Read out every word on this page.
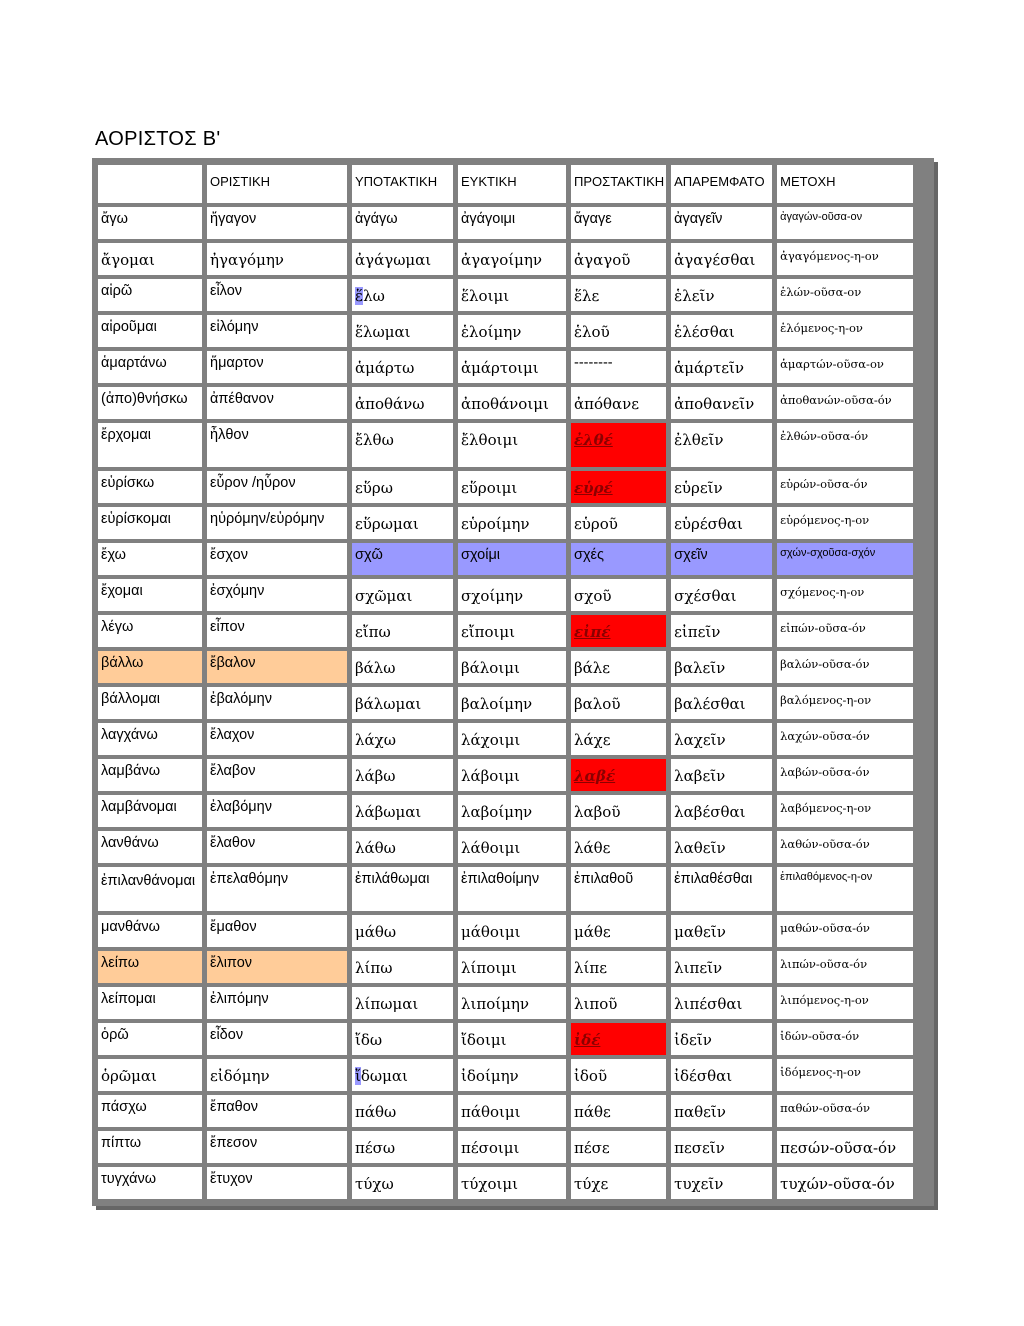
ΑΟΡΙΣΤΟΣ Β'
	ΟΡΙΣΤΙΚΗ	ΥΠΟΤΑΚΤΙΚΗ	ΕΥΚΤΙΚΗ	ΠΡΟΣΤΑΚΤΙΚΗ	ΑΠΑΡΕΜΦΑΤΟ	ΜΕΤΟΧΗ
ἄγω	ἤγαγον	ἀγάγω	ἀγάγοιμι	ἄγαγε	ἀγαγεῖν	ἀγαγών-οῦσα-ον
ἄγομαι	ἠγαγόμην	ἀγάγωμαι	ἀγαγοίμην	ἀγαγοῦ	ἀγαγέσθαι	ἀγαγόμενος-η-ον
αἱρῶ	εἷλον	ἕλω	ἕλοιμι	ἕλε	ἑλεῖν	ἑλών-οῦσα-ον
αἱροῦμαι	εἱλόμην	ἕλωμαι	ἑλοίμην	ἑλοῦ	ἑλέσθαι	ἑλόμενος-η-ον
ἁμαρτάνω	ἥμαρτον	ἁμάρτω	ἁμάρτοιμι	--------	ἁμάρτεῖν	ἁμαρτών-οῦσα-ον
(ἀπο)θνήσκω	ἀπέθανον	ἀποθάνω	ἀποθάνοιμι	ἀπόθανε	ἀποθανεῖν	ἀποθανών-οῦσα-όν
ἔρχομαι	ἦλθον	ἔλθω	ἔλθοιμι	ἐλθέ	ἐλθεῖν	ἐλθών-οῦσα-όν
εὑρίσκω	εὗρον /ηὗρον	εὕρω	εὕροιμι	εὑρέ	εὑρεῖν	εὑρών-οῦσα-όν
εὑρίσκομαι	ηὑρόμην/εὑρόμην	εὕρωμαι	εὑροίμην	εὑροῦ	εὑρέσθαι	εὑρόμενος-η-ον
ἔχω	ἔσχον	σχῶ	σχοίμι	σχές	σχεῖν	σχών-σχοῦσα-σχόν
ἔχομαι	ἐσχόμην	σχῶμαι	σχοίμην	σχοῦ	σχέσθαι	σχόμενος-η-ον
λέγω	εἶπον	εἴπω	εἴποιμι	εἰπέ	εἰπεῖν	εἰπών-οῦσα-όν
βάλλω	ἔβαλον	βάλω	βάλοιμι	βάλε	βαλεῖν	βαλών-οῦσα-όν
βάλλομαι	ἐβαλόμην	βάλωμαι	βαλοίμην	βαλοῦ	βαλέσθαι	βαλόμενος-η-ον
λαγχάνω	ἔλαχον	λάχω	λάχοιμι	λάχε	λαχεῖν	λαχών-οῦσα-όν
λαμβάνω	ἔλαβον	λάβω	λάβοιμι	λαβέ	λαβεῖν	λαβών-οῦσα-όν
λαμβάνομαι	ἐλαβόμην	λάβωμαι	λαβοίμην	λαβοῦ	λαβέσθαι	λαβόμενος-η-ον
λανθάνω	ἔλαθον	λάθω	λάθοιμι	λάθε	λαθεῖν	λαθών-οῦσα-όν
ἐπιλανθάνομαι	ἐπελαθόμην	ἐπιλάθωμαι	ἐπιλαθοίμην	ἐπιλαθοῦ	ἐπιλαθέσθαι	ἐπιλαθόμενος-η-ον
μανθάνω	ἔμαθον	μάθω	μάθοιμι	μάθε	μαθεῖν	μαθών-οῦσα-όν
λείπω	ἔλιπον	λίπω	λίποιμι	λίπε	λιπεῖν	λιπών-οῦσα-όν
λείπομαι	ἐλιπόμην	λίπωμαι	λιποίμην	λιποῦ	λιπέσθαι	λιπόμενος-η-ον
ὁρῶ	εἶδον	ἴδω	ἴδοιμι	ἰδέ	ἰδεῖν	ἰδών-οῦσα-όν
ὁρῶμαι	εἰδόμην	ἴδωμαι	ἰδοίμην	ἰδοῦ	ἰδέσθαι	ἰδόμενος-η-ον
πάσχω	ἔπαθον	πάθω	πάθοιμι	πάθε	παθεῖν	παθών-οῦσα-όν
πίπτω	ἔπεσον	πέσω	πέσοιμι	πέσε	πεσεῖν	πεσών-οῦσα-όν
τυγχάνω	ἔτυχον	τύχω	τύχοιμι	τύχε	τυχεῖν	τυχών-οῦσα-όν
